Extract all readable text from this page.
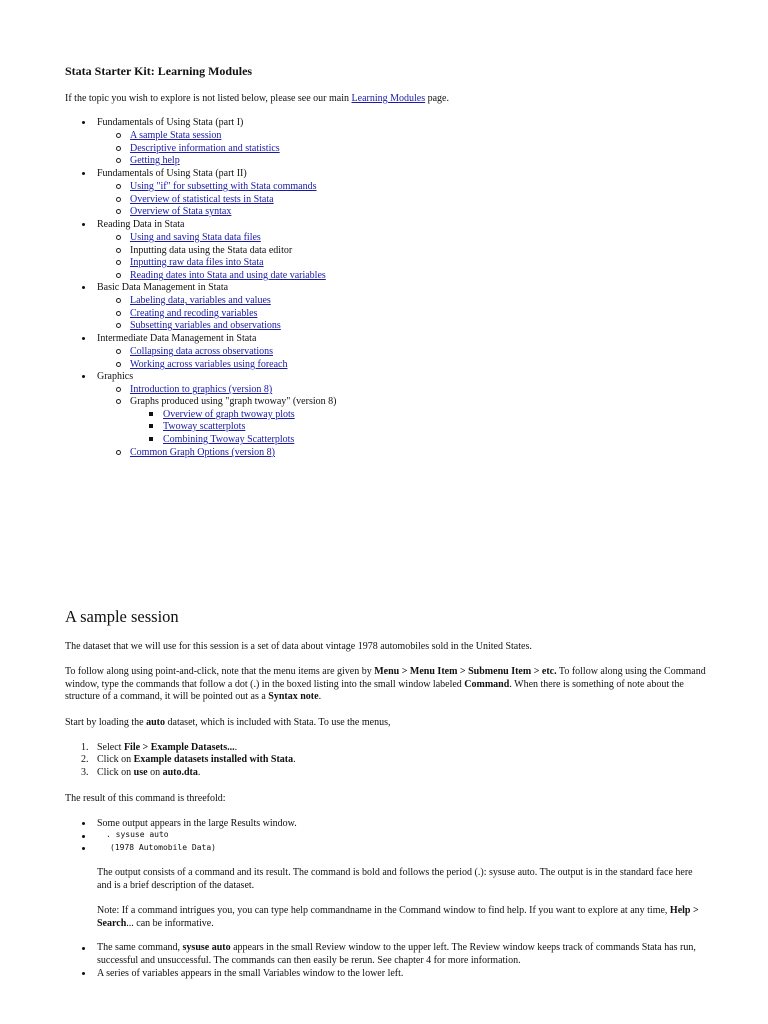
Stata Starter Kit: Learning Modules
If the topic you wish to explore is not listed below, please see our main Learning Modules page.
Fundamentals of Using Stata (part I)
A sample Stata session
Descriptive information and statistics
Getting help
Fundamentals of Using Stata (part II)
Using "if" for subsetting with Stata commands
Overview of statistical tests in Stata
Overview of Stata syntax
Reading Data in Stata
Using and saving Stata data files
Inputting data using the Stata data editor
Inputting raw data files into Stata
Reading dates into Stata and using date variables
Basic Data Management in Stata
Labeling data, variables and values
Creating and recoding variables
Subsetting variables and observations
Intermediate Data Management in Stata
Collapsing data across observations
Working across variables using foreach
Graphics
Introduction to graphics (version 8)
Graphs produced using "graph twoway" (version 8)
Overview of graph twoway plots
Twoway scatterplots
Combining Twoway Scatterplots
Common Graph Options (version 8)
A sample session
The dataset that we will use for this session is a set of data about vintage 1978 automobiles sold in the United States.
To follow along using point-and-click, note that the menu items are given by Menu > Menu Item > Submenu Item > etc. To follow along using the Command window, type the commands that follow a dot (.) in the boxed listing into the small window labeled Command. When there is something of note about the structure of a command, it will be pointed out as a Syntax note.
Start by loading the auto dataset, which is included with Stata. To use the menus,
1. Select File > Example Datasets....
2. Click on Example datasets installed with Stata.
3. Click on use on auto.dta.
The result of this command is threefold:
Some output appears in the large Results window.
. sysuse auto
(1978 Automobile Data)
The output consists of a command and its result. The command is bold and follows the period (.): sysuse auto. The output is in the standard face here and is a brief description of the dataset.
Note: If a command intrigues you, you can type help commandname in the Command window to find help. If you want to explore at any time, Help > Search... can be informative.
The same command, sysuse auto appears in the small Review window to the upper left. The Review window keeps track of commands Stata has run, successful and unsuccessful. The commands can then easily be rerun. See chapter 4 for more information.
A series of variables appears in the small Variables window to the lower left.
